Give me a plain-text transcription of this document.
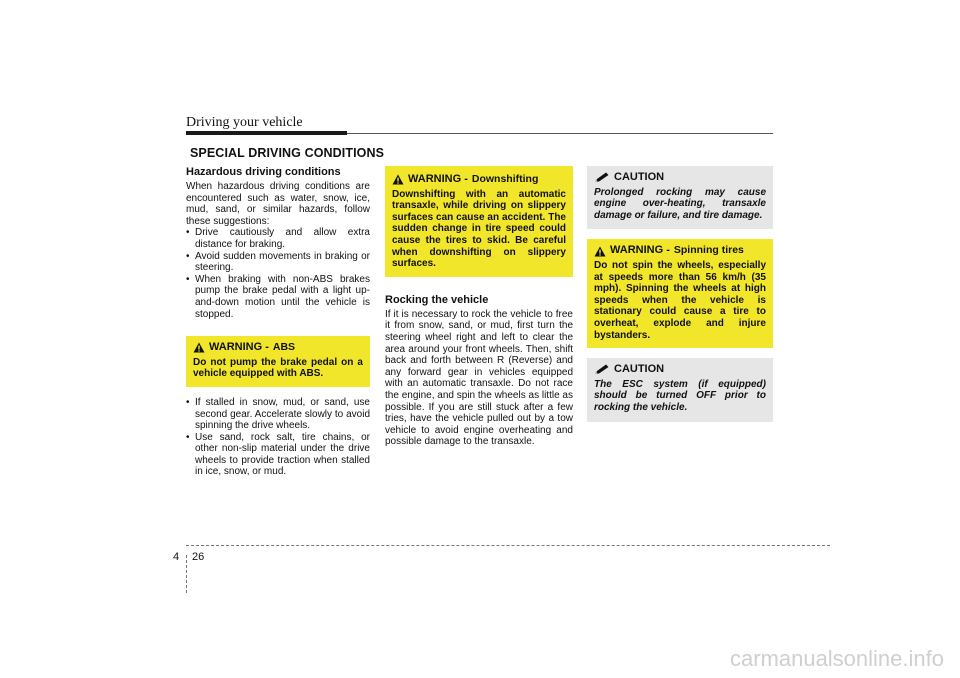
Driving your vehicle
SPECIAL DRIVING CONDITIONS
Hazardous driving conditions

When hazardous driving conditions are encountered such as water, snow, ice, mud, sand, or similar hazards, follow these suggestions:

• Drive cautiously and allow extra distance for braking.
• Avoid sudden movements in braking or steering.
• When braking with non-ABS brakes pump the brake pedal with a light up-and-down motion until the vehicle is stopped.
WARNING - ABS
Do not pump the brake pedal on a vehicle equipped with ABS.
• If stalled in snow, mud, or sand, use second gear. Accelerate slowly to avoid spinning the drive wheels.
• Use sand, rock salt, tire chains, or other non-slip material under the drive wheels to provide traction when stalled in ice, snow, or mud.
WARNING - Downshifting
Downshifting with an automatic transaxle, while driving on slippery surfaces can cause an accident. The sudden change in tire speed could cause the tires to skid. Be careful when downshifting on slippery surfaces.
Rocking the vehicle

If it is necessary to rock the vehicle to free it from snow, sand, or mud, first turn the steering wheel right and left to clear the area around your front wheels. Then, shift back and forth between R (Reverse) and any forward gear in vehicles equipped with an automatic transaxle. Do not race the engine, and spin the wheels as little as possible. If you are still stuck after a few tries, have the vehicle pulled out by a tow vehicle to avoid engine overheating and possible damage to the transaxle.

CAUTION
Prolonged rocking may cause engine over-heating, transaxle damage or failure, and tire damage.
WARNING - Spinning tires
Do not spin the wheels, especially at speeds more than 56 km/h (35 mph). Spinning the wheels at high speeds when the vehicle is stationary could cause a tire to overheat, explode and injure bystanders.
CAUTION
The ESC system (if equipped) should be turned OFF prior to rocking the vehicle.
4 26
carmanualsonline.info
